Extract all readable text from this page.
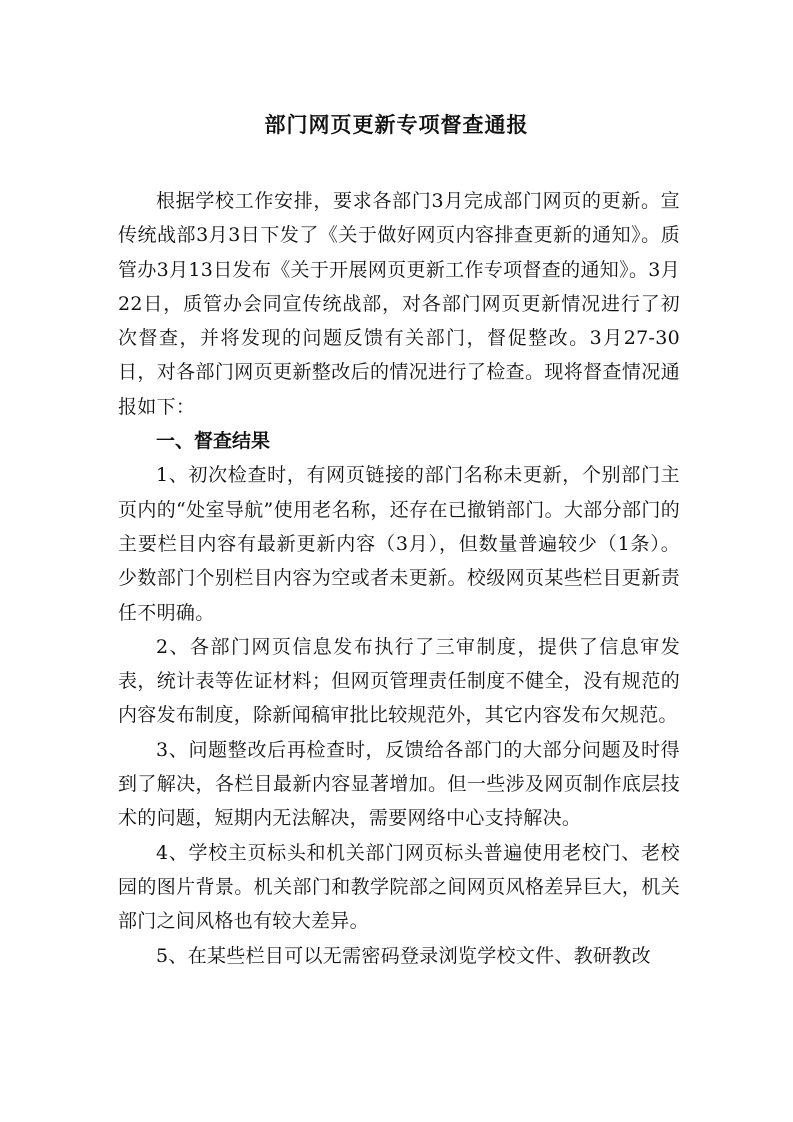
部门网页更新专项督查通报

根据学校工作安排，要求各部门3月完成部门网页的更新。宣传统战部3月3日下发了《关于做好网页内容排查更新的通知》。质管办3月13日发布《关于开展网页更新工作专项督查的通知》。3月22日，质管办会同宣传统战部，对各部门网页更新情况进行了初次督查，并将发现的问题反馈有关部门，督促整改。3月27-30日，对各部门网页更新整改后的情况进行了检查。现将督查情况通报如下：

一、督查结果

1、初次检查时，有网页链接的部门名称未更新，个别部门主页内的“处室导航”使用老名称，还存在已撤销部门。大部分部门的主要栏目内容有最新更新内容（3月），但数量普遍较少（1条）。少数部门个别栏目内容为空或者未更新。校级网页某些栏目更新责任不明确。

2、各部门网页信息发布执行了三审制度，提供了信息审发表，统计表等佐证材料；但网页管理责任制度不健全，没有规范的内容发布制度，除新闻稿审批比较规范外，其它内容发布欠规范。

3、问题整改后再检查时，反馈给各部门的大部分问题及时得到了解决，各栏目最新内容显著增加。但一些涉及网页制作底层技术的问题，短期内无法解决，需要网络中心支持解决。

4、学校主页标头和机关部门网页标头普遍使用老校门、老校园的图片背景。机关部门和教学院部之间网页风格差异巨大，机关部门之间风格也有较大差异。

5、在某些栏目可以无需密码登录浏览学校文件、教研教改
